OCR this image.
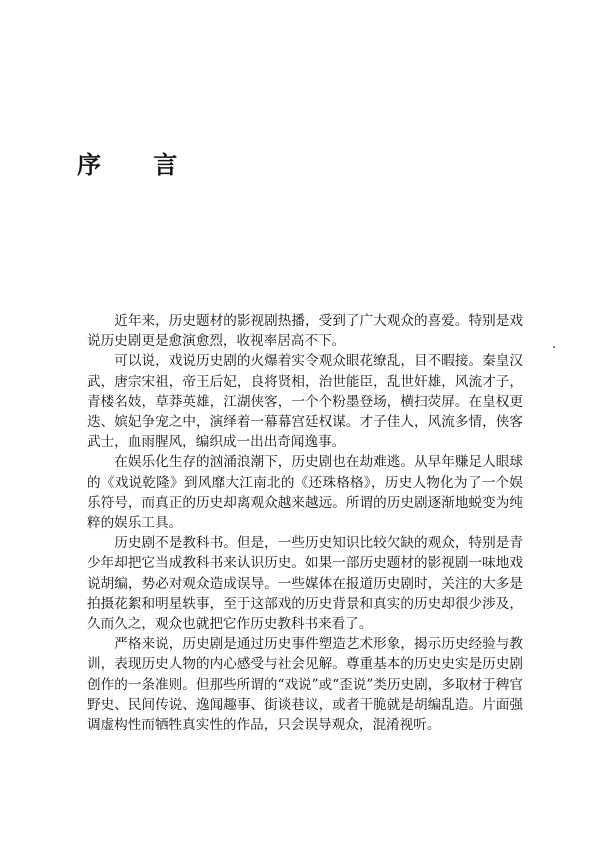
序 言

近年来，历史题材的影视剧热播，受到了广大观众的喜爱。特别是戏说历史剧更是愈演愈烈，收视率居高不下。

可以说，戏说历史剧的火爆着实令观众眼花缭乱，目不暇接。秦皇汉武，唐宗宋祖，帝王后妃，良将贤相，治世能臣，乱世奸雄，风流才子，青楼名妓，草莽英雄，江湖侠客，一个个粉墨登场，横扫荧屏。在皇权更迭、嫔妃争宠之中，演绎着一幕幕宫廷权谋。才子佳人，风流多情，侠客武士，血雨腥风，编织成一出出奇闻逸事。

在娱乐化生存的汹涌浪潮下，历史剧也在劫难逃。从早年赚足人眼球的《戏说乾隆》到风靡大江南北的《还珠格格》，历史人物化为了一个娱乐符号，而真正的历史却离观众越来越远。所谓的历史剧逐渐地蜕变为纯粹的娱乐工具。

历史剧不是教科书。但是，一些历史知识比较欠缺的观众，特别是青少年却把它当成教科书来认识历史。如果一部历史题材的影视剧一味地戏说胡编，势必对观众造成误导。一些媒体在报道历史剧时，关注的大多是拍摄花絮和明星轶事，至于这部戏的历史背景和真实的历史却很少涉及，久而久之，观众也就把它作历史教科书来看了。

严格来说，历史剧是通过历史事件塑造艺术形象，揭示历史经验与教训，表现历史人物的内心感受与社会见解。尊重基本的历史史实是历史剧创作的一条准则。但那些所谓的“戏说”或“歪说”类历史剧，多取材于稗官野史、民间传说、逸闻趣事、街谈巷议，或者干脆就是胡编乱造。片面强调虚构性而牺牲真实性的作品，只会误导观众，混淆视听。
